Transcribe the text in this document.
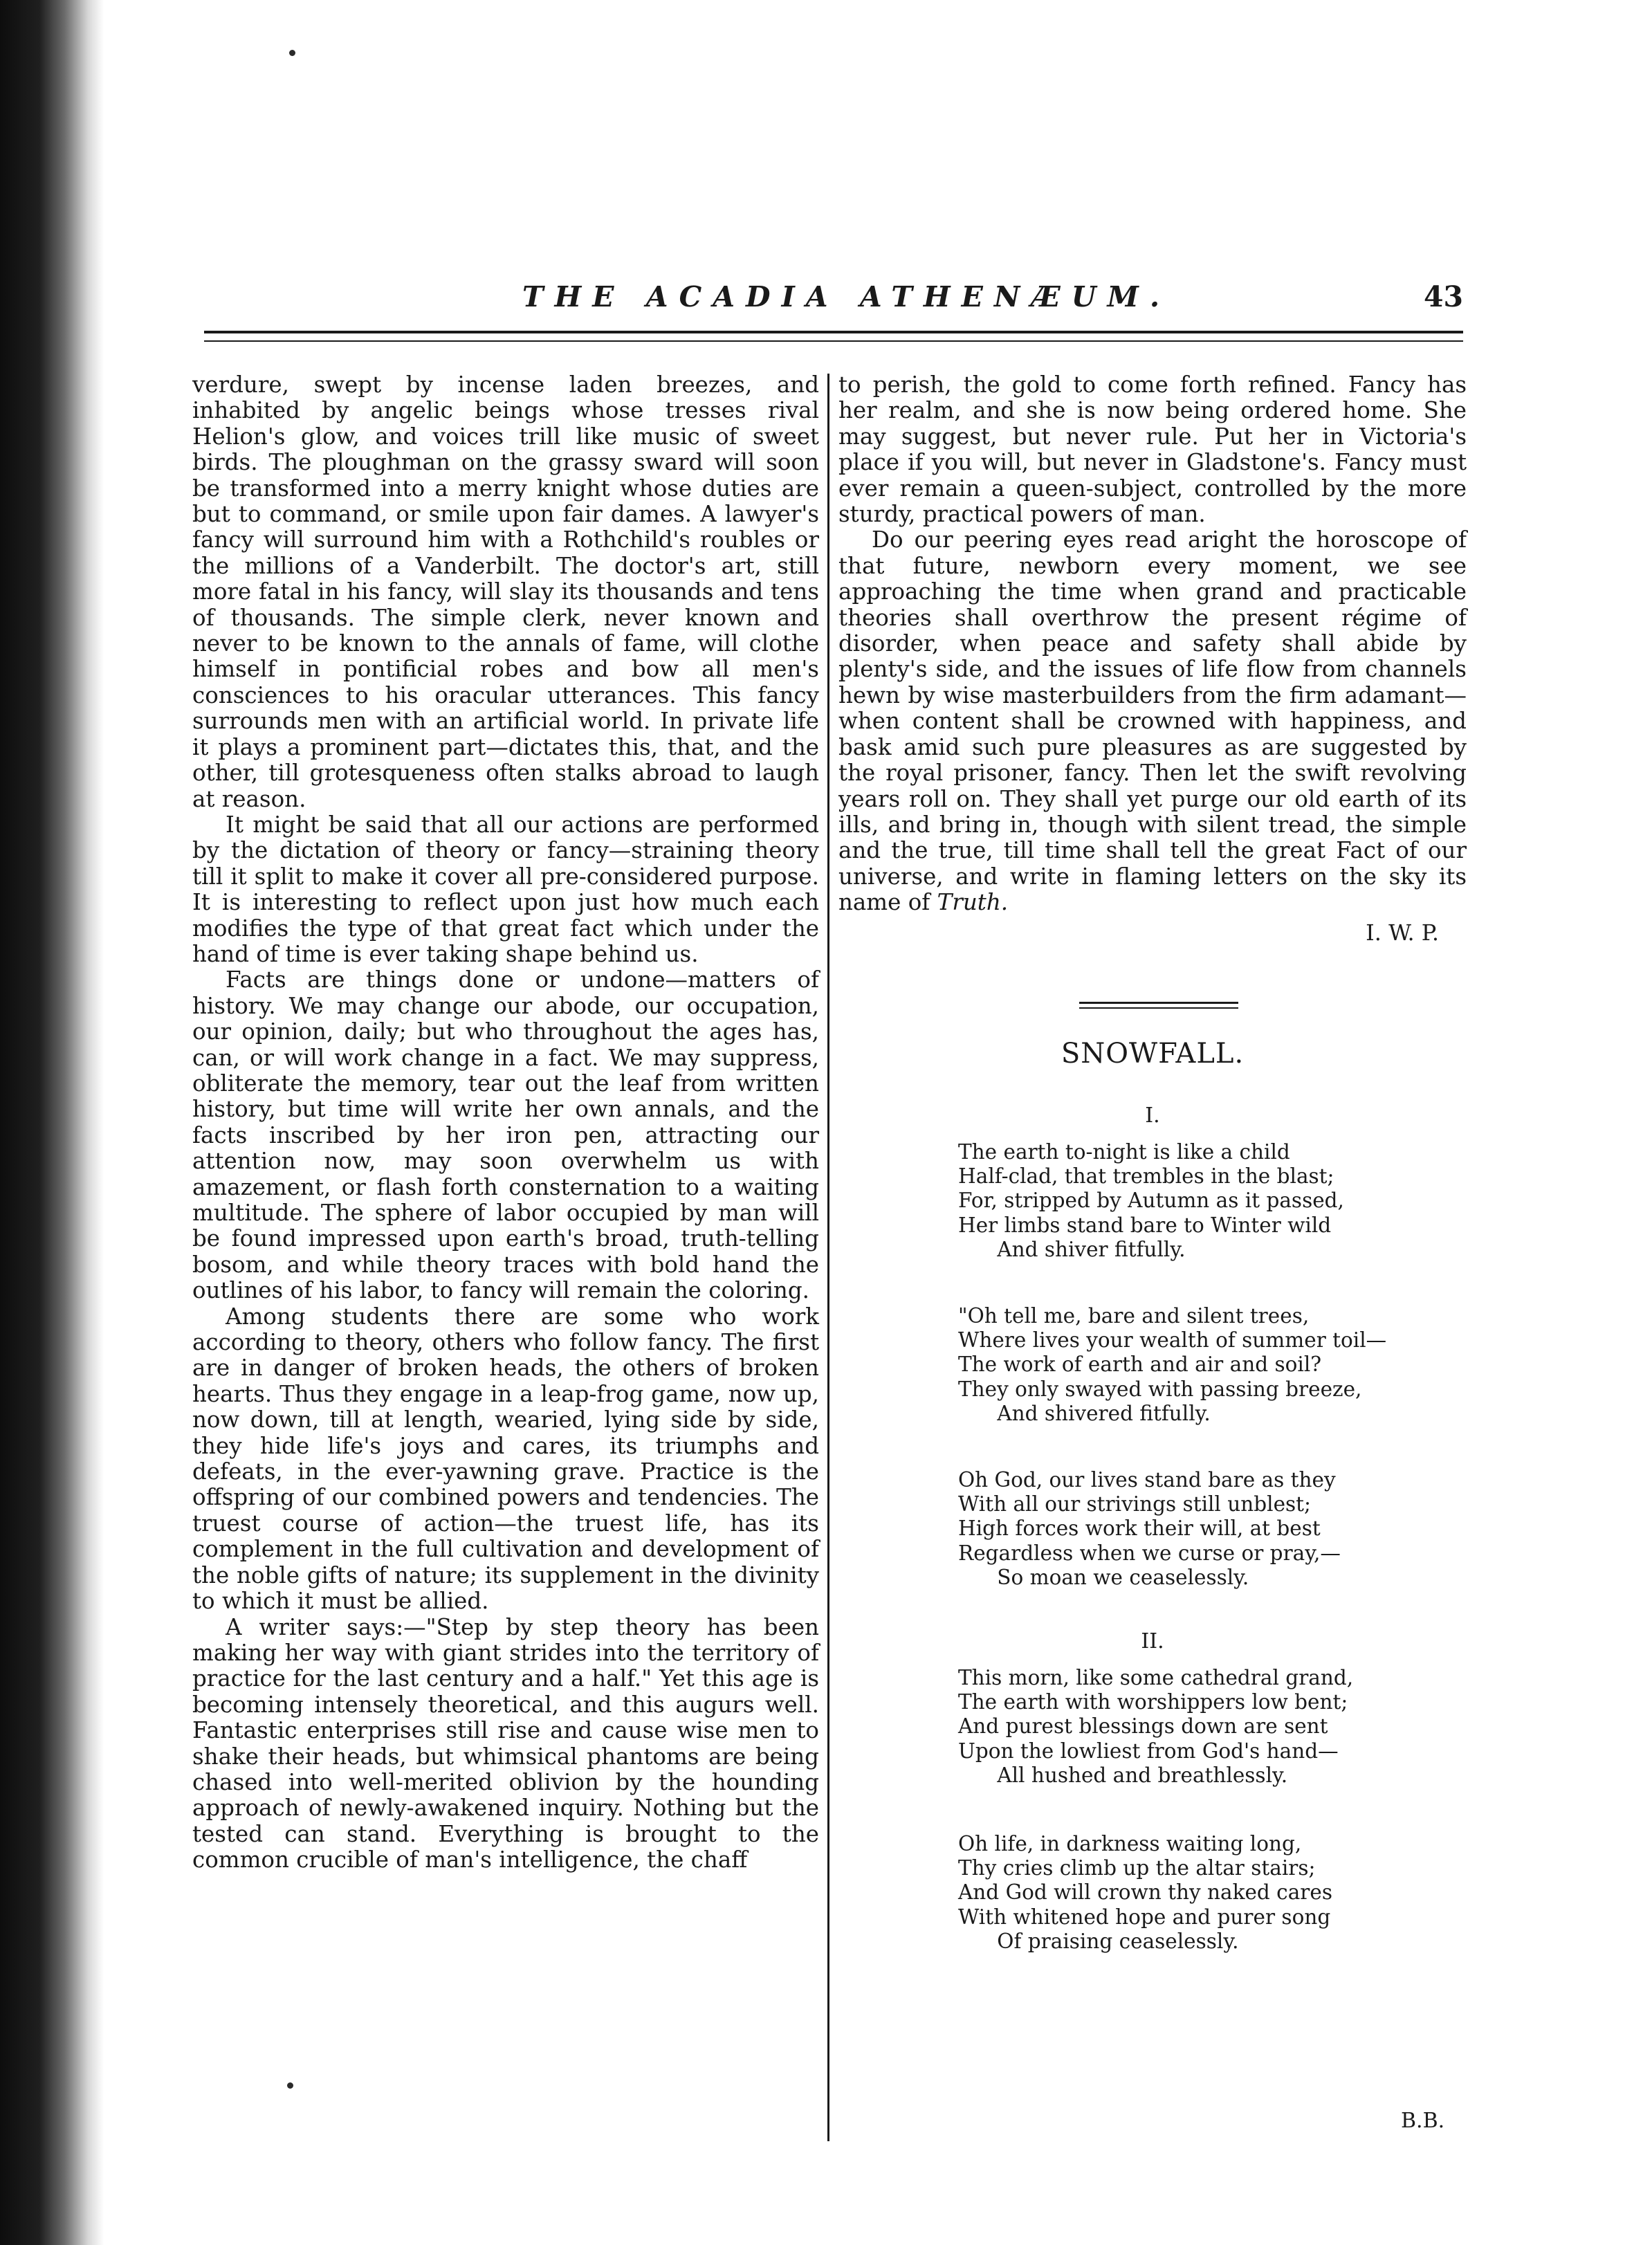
THE ACADIA ATHENÆUM.	43

verdure, swept by incense laden breezes, and inhabited by angelic beings whose tresses rival Helion's glow, and voices trill like music of sweet birds. The ploughman on the grassy sward will soon be transformed into a merry knight whose duties are but to command, or smile upon fair dames. A lawyer's fancy will surround him with a Rothchild's roubles or the millions of a Vanderbilt. The doctor's art, still more fatal in his fancy, will slay its thousands and tens of thousands. The simple clerk, never known and never to be known to the annals of fame, will clothe himself in pontificial robes and bow all men's consciences to his oracular utterances. This fancy surrounds men with an artificial world. In private life it plays a prominent part—dictates this, that, and the other, till grotesqueness often stalks abroad to laugh at reason.

It might be said that all our actions are performed by the dictation of theory or fancy—straining theory till it split to make it cover all pre-considered purpose. It is interesting to reflect upon just how much each modifies the type of that great fact which under the hand of time is ever taking shape behind us.

Facts are things done or undone—matters of history. We may change our abode, our occupation, our opinion, daily; but who throughout the ages has, can, or will work change in a fact. We may suppress, obliterate the memory, tear out the leaf from written history, but time will write her own annals, and the facts inscribed by her iron pen, attracting our attention now, may soon overwhelm us with amazement, or flash forth consternation to a waiting multitude. The sphere of labor occupied by man will be found impressed upon earth's broad, truth-telling bosom, and while theory traces with bold hand the outlines of his labor, to fancy will remain the coloring.

Among students there are some who work according to theory, others who follow fancy. The first are in danger of broken heads, the others of broken hearts. Thus they engage in a leap-frog game, now up, now down, till at length, wearied, lying side by side, they hide life's joys and cares, its triumphs and defeats, in the ever-yawning grave. Practice is the offspring of our combined powers and tendencies. The truest course of action—the truest life, has its complement in the full cultivation and development of the noble gifts of nature; its supplement in the divinity to which it must be allied.

A writer says:—"Step by step theory has been making her way with giant strides into the territory of practice for the last century and a half." Yet this age is becoming intensely theoretical, and this augurs well. Fantastic enterprises still rise and cause wise men to shake their heads, but whimsical phantoms are being chased into well-merited oblivion by the hounding approach of newly-awakened inquiry. Nothing but the tested can stand. Everything is brought to the common crucible of man's intelligence, the chaff

to perish, the gold to come forth refined. Fancy has her realm, and she is now being ordered home. She may suggest, but never rule. Put her in Victoria's place if you will, but never in Gladstone's. Fancy must ever remain a queen-subject, controlled by the more sturdy, practical powers of man.

Do our peering eyes read aright the horoscope of that future, newborn every moment, we see approaching the time when grand and practicable theories shall overthrow the present régime of disorder, when peace and safety shall abide by plenty's side, and the issues of life flow from channels hewn by wise masterbuilders from the firm adamant—when content shall be crowned with happiness, and bask amid such pure pleasures as are suggested by the royal prisoner, fancy. Then let the swift revolving years roll on. They shall yet purge our old earth of its ills, and bring in, though with silent tread, the simple and the true, till time shall tell the great Fact of our universe, and write in flaming letters on the sky its name of Truth.

I. W. P.
SNOWFALL.
I.
II.
The earth to-night is like a child
Half-clad, that trembles in the blast;
For, stripped by Autumn as it passed,
Her limbs stand bare to Winter wild
And shiver fitfully.
"Oh tell me, bare and silent trees,
Where lives your wealth of summer toil—
The work of earth and air and soil?
They only swayed with passing breeze,
And shivered fitfully.
Oh God, our lives stand bare as they
With all our strivings still unblest;
High forces work their will, at best
Regardless when we curse or pray,—
So moan we ceaselessly.
This morn, like some cathedral grand,
The earth with worshippers low bent;
And purest blessings down are sent
Upon the lowliest from God's hand—
All hushed and breathlessly.
Oh life, in darkness waiting long,
Thy cries climb up the altar stairs;
And God will crown thy naked cares
With whitened hope and purer song
Of praising ceaselessly.
B.B.
